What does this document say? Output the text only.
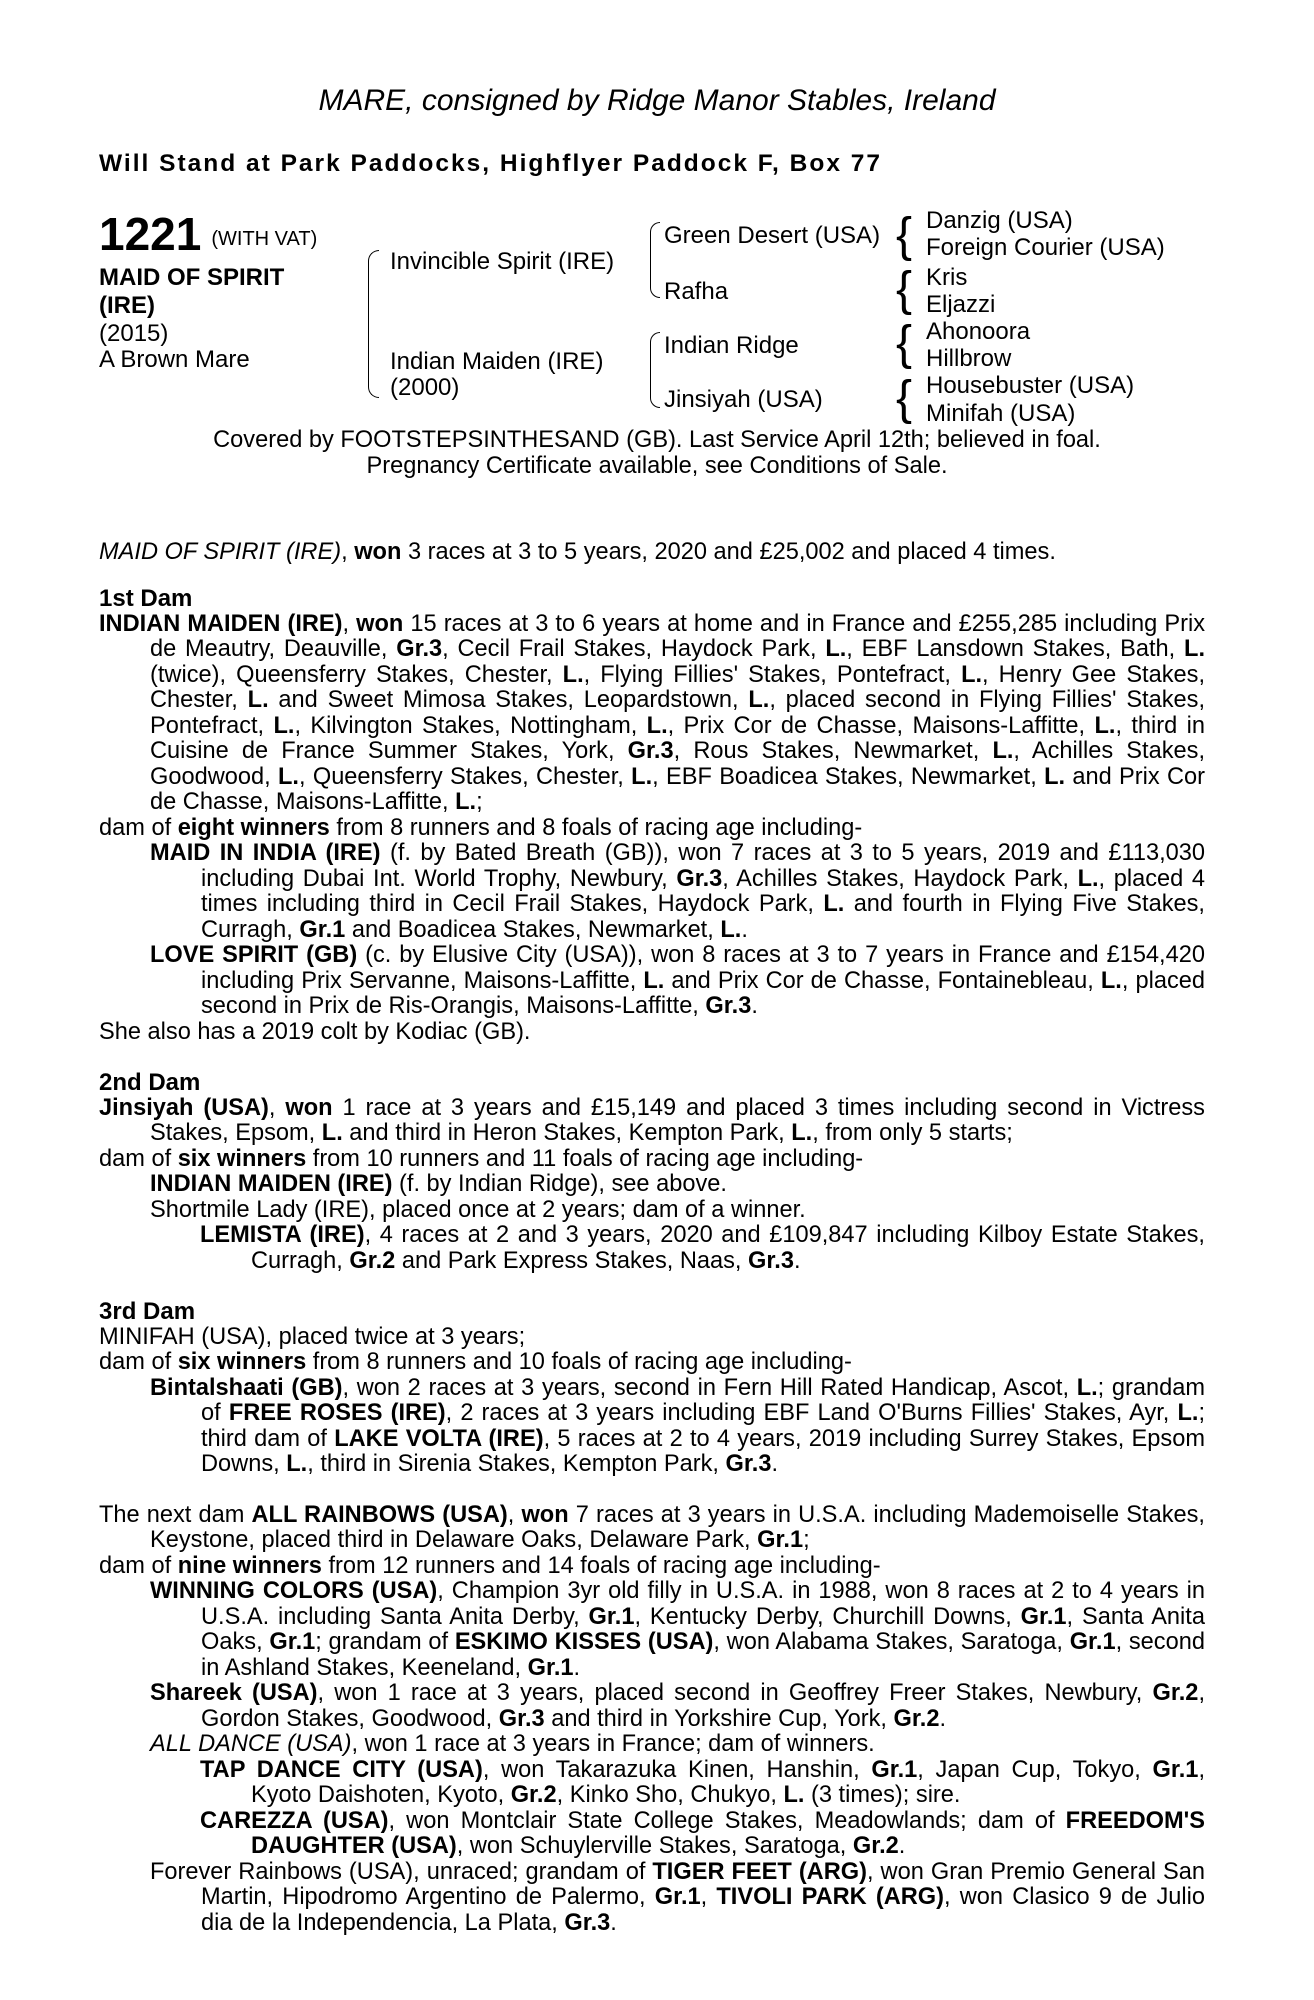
MARE, consigned by Ridge Manor Stables, Ireland
Will Stand at Park Paddocks, Highflyer Paddock F, Box 77
1221 (WITH VAT)
MAID OF SPIRIT
(IRE)
(2015)
A Brown Mare
Invincible Spirit (IRE)
Indian Maiden (IRE)
(2000)
Green Desert (USA)
Rafha
Indian Ridge
Jinsiyah (USA)
{
{
{
{
Danzig (USA)
Foreign Courier (USA)
Kris
Eljazzi
Ahonoora
Hillbrow
Housebuster (USA)
Minifah (USA)
Covered by FOOTSTEPSINTHESAND (GB). Last Service April 12th; believed in foal.
Pregnancy Certificate available, see Conditions of Sale.

MAID OF SPIRIT (IRE), won 3 races at 3 to 5 years, 2020 and £25,002 and placed 4 times.

1st Dam

INDIAN MAIDEN (IRE), won 15 races at 3 to 6 years at home and in France and £255,285 including Prix de Meautry, Deauville, Gr.3, Cecil Frail Stakes, Haydock Park, L., EBF Lansdown Stakes, Bath, L. (twice), Queensferry Stakes, Chester, L., Flying Fillies' Stakes, Pontefract, L., Henry Gee Stakes, Chester, L. and Sweet Mimosa Stakes, Leopardstown, L., placed second in Flying Fillies' Stakes, Pontefract, L., Kilvington Stakes, Nottingham, L., Prix Cor de Chasse, Maisons-Laffitte, L., third in Cuisine de France Summer Stakes, York, Gr.3, Rous Stakes, Newmarket, L., Achilles Stakes, Goodwood, L., Queensferry Stakes, Chester, L., EBF Boadicea Stakes, Newmarket, L. and Prix Cor de Chasse, Maisons-Laffitte, L.;

dam of eight winners from 8 runners and 8 foals of racing age including-

MAID IN INDIA (IRE) (f. by Bated Breath (GB)), won 7 races at 3 to 5 years, 2019 and £113,030 including Dubai Int. World Trophy, Newbury, Gr.3, Achilles Stakes, Haydock Park, L., placed 4 times including third in Cecil Frail Stakes, Haydock Park, L. and fourth in Flying Five Stakes, Curragh, Gr.1 and Boadicea Stakes, Newmarket, L..

LOVE SPIRIT (GB) (c. by Elusive City (USA)), won 8 races at 3 to 7 years in France and £154,420 including Prix Servanne, Maisons-Laffitte, L. and Prix Cor de Chasse, Fontainebleau, L., placed second in Prix de Ris-Orangis, Maisons-Laffitte, Gr.3.

She also has a 2019 colt by Kodiac (GB).

2nd Dam

Jinsiyah (USA), won 1 race at 3 years and £15,149 and placed 3 times including second in Victress Stakes, Epsom, L. and third in Heron Stakes, Kempton Park, L., from only 5 starts;

dam of six winners from 10 runners and 11 foals of racing age including-

INDIAN MAIDEN (IRE) (f. by Indian Ridge), see above.

Shortmile Lady (IRE), placed once at 2 years; dam of a winner.

LEMISTA (IRE), 4 races at 2 and 3 years, 2020 and £109,847 including Kilboy Estate Stakes, Curragh, Gr.2 and Park Express Stakes, Naas, Gr.3.

3rd Dam

MINIFAH (USA), placed twice at 3 years;

dam of six winners from 8 runners and 10 foals of racing age including-

Bintalshaati (GB), won 2 races at 3 years, second in Fern Hill Rated Handicap, Ascot, L.; grandam of FREE ROSES (IRE), 2 races at 3 years including EBF Land O'Burns Fillies' Stakes, Ayr, L.; third dam of LAKE VOLTA (IRE), 5 races at 2 to 4 years, 2019 including Surrey Stakes, Epsom Downs, L., third in Sirenia Stakes, Kempton Park, Gr.3.

The next dam ALL RAINBOWS (USA), won 7 races at 3 years in U.S.A. including Mademoiselle Stakes, Keystone, placed third in Delaware Oaks, Delaware Park, Gr.1;

dam of nine winners from 12 runners and 14 foals of racing age including-

WINNING COLORS (USA), Champion 3yr old filly in U.S.A. in 1988, won 8 races at 2 to 4 years in U.S.A. including Santa Anita Derby, Gr.1, Kentucky Derby, Churchill Downs, Gr.1, Santa Anita Oaks, Gr.1; grandam of ESKIMO KISSES (USA), won Alabama Stakes, Saratoga, Gr.1, second in Ashland Stakes, Keeneland, Gr.1.

Shareek (USA), won 1 race at 3 years, placed second in Geoffrey Freer Stakes, Newbury, Gr.2, Gordon Stakes, Goodwood, Gr.3 and third in Yorkshire Cup, York, Gr.2.

ALL DANCE (USA), won 1 race at 3 years in France; dam of winners.

TAP DANCE CITY (USA), won Takarazuka Kinen, Hanshin, Gr.1, Japan Cup, Tokyo, Gr.1, Kyoto Daishoten, Kyoto, Gr.2, Kinko Sho, Chukyo, L. (3 times); sire.

CAREZZA (USA), won Montclair State College Stakes, Meadowlands; dam of FREEDOM'S DAUGHTER (USA), won Schuylerville Stakes, Saratoga, Gr.2.

Forever Rainbows (USA), unraced; grandam of TIGER FEET (ARG), won Gran Premio General San Martin, Hipodromo Argentino de Palermo, Gr.1, TIVOLI PARK (ARG), won Clasico 9 de Julio dia de la Independencia, La Plata, Gr.3.
